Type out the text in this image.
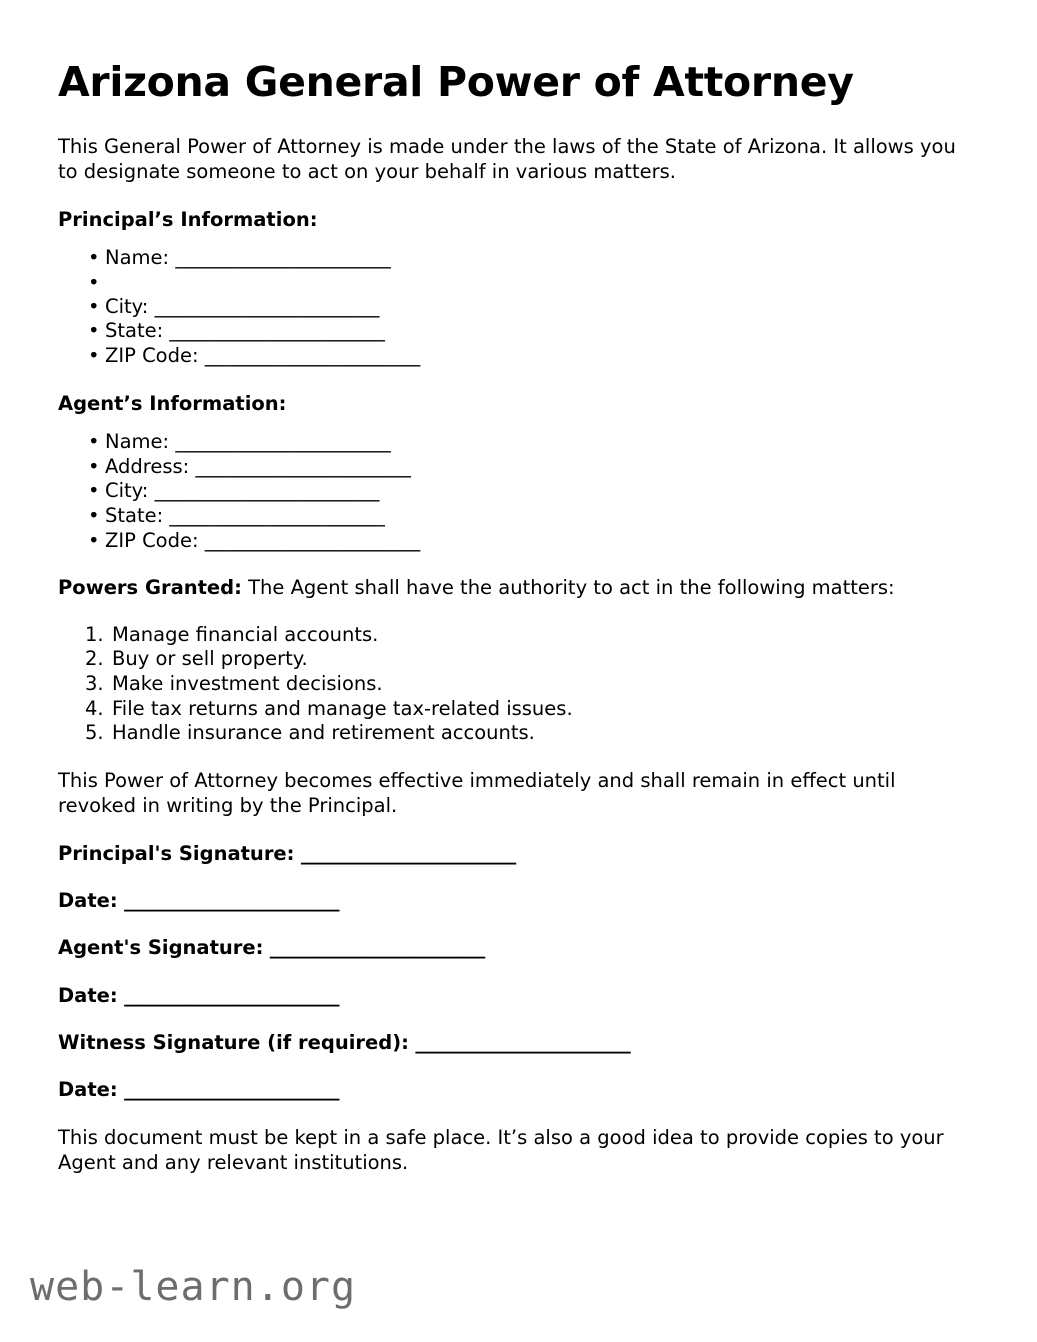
Arizona General Power of Attorney

This General Power of Attorney is made under the laws of the State of Arizona. It allows you to designate someone to act on your behalf in various matters.

Principal’s Information:
• Name: _______________________
•
• City: ________________________
• State: _______________________
• ZIP Code: _______________________
Agent’s Information:
• Name: _______________________
• Address: _______________________
• City: ________________________
• State: _______________________
• ZIP Code: _______________________

Powers Granted: The Agent shall have the authority to act in the following matters:

Manage financial accounts.
Buy or sell property.
Make investment decisions.
File tax returns and manage tax-related issues.
Handle insurance and retirement accounts.

This Power of Attorney becomes effective immediately and shall remain in effect until revoked in writing by the Principal.

Principal's Signature: _______________________
Date: _______________________
Agent's Signature: _______________________
Date: _______________________
Witness Signature (if required): _______________________
Date: _______________________

This document must be kept in a safe place. It’s also a good idea to provide copies to your Agent and any relevant institutions.

web-learn.org
